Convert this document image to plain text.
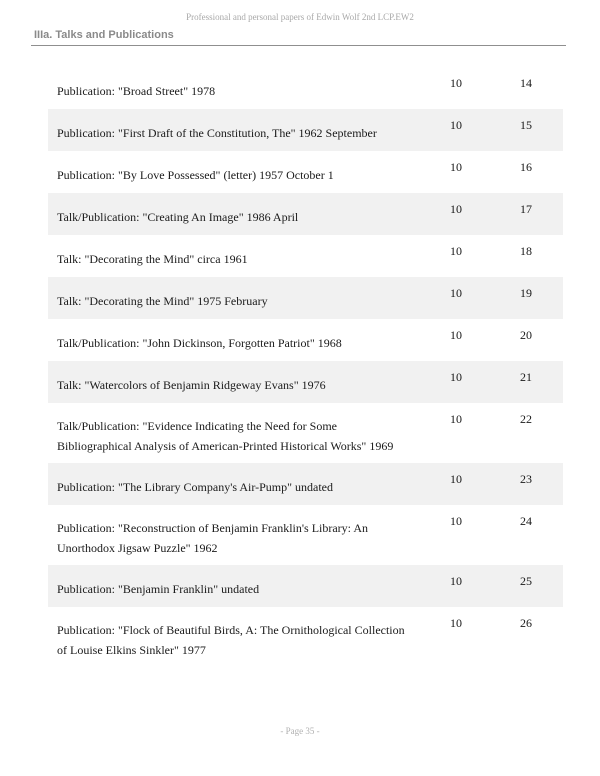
Professional and personal papers of Edwin Wolf 2nd LCP.EW2
IIIa. Talks and Publications
Publication: "Broad Street" 1978
10	14
Publication: "First Draft of the Constitution, The" 1962 September
10	15
Publication: "By Love Possessed" (letter) 1957 October 1
10	16
Talk/Publication: "Creating An Image" 1986 April
10	17
Talk: "Decorating the Mind" circa 1961
10	18
Talk: "Decorating the Mind" 1975 February
10	19
Talk/Publication: "John Dickinson, Forgotten Patriot" 1968
10	20
Talk: "Watercolors of Benjamin Ridgeway Evans" 1976
10	21
Talk/Publication: "Evidence Indicating the Need for Some Bibliographical Analysis of American-Printed Historical Works" 1969
10	22
Publication: "The Library Company's Air-Pump" undated
10	23
Publication: "Reconstruction of Benjamin Franklin's Library: An Unorthodox Jigsaw Puzzle" 1962
10	24
Publication: "Benjamin Franklin" undated
10	25
Publication: "Flock of Beautiful Birds, A: The Ornithological Collection of Louise Elkins Sinkler" 1977
10	26
- Page 35 -
